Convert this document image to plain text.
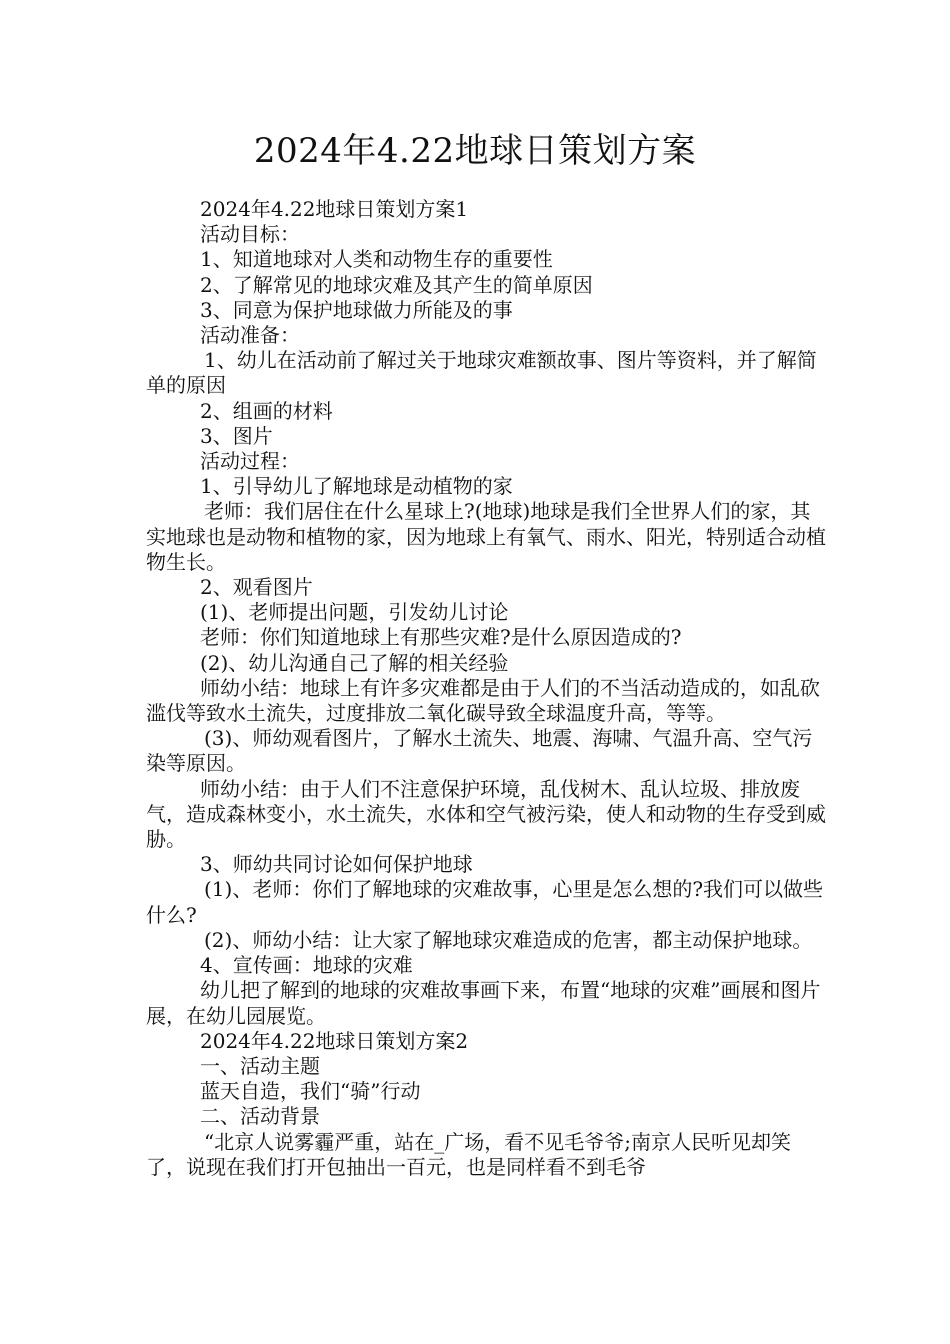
2024年4.22地球日策划方案

2024年4.22地球日策划方案1

活动目标：

1、知道地球对人类和动物生存的重要性

2、了解常见的地球灾难及其产生的简单原因

3、同意为保护地球做力所能及的事

活动准备：

1、幼儿在活动前了解过关于地球灾难额故事、图片等资料，并了解简单的原因

2、组画的材料

3、图片

活动过程：

1、引导幼儿了解地球是动植物的家

老师：我们居住在什么星球上?(地球)地球是我们全世界人们的家，其实地球也是动物和植物的家，因为地球上有氧气、雨水、阳光，特别适合动植物生长。

2、观看图片

(1)、老师提出问题，引发幼儿讨论

老师：你们知道地球上有那些灾难?是什么原因造成的?

(2)、幼儿沟通自己了解的相关经验

师幼小结：地球上有许多灾难都是由于人们的不当活动造成的，如乱砍滥伐等致水土流失，过度排放二氧化碳导致全球温度升高，等等。

(3)、师幼观看图片，了解水土流失、地震、海啸、气温升高、空气污染等原因。

师幼小结：由于人们不注意保护环境，乱伐树木、乱认垃圾、排放废气，造成森林变小，水土流失，水体和空气被污染，使人和动物的生存受到威胁。

3、师幼共同讨论如何保护地球

(1)、老师：你们了解地球的灾难故事，心里是怎么想的?我们可以做些什么?

(2)、师幼小结：让大家了解地球灾难造成的危害，都主动保护地球。

4、宣传画：地球的灾难

幼儿把了解到的地球的灾难故事画下来，布置“地球的灾难”画展和图片展，在幼儿园展览。

2024年4.22地球日策划方案2

一、活动主题

蓝天自造，我们“骑”行动

二、活动背景

“北京人说雾霾严重，站在_广场，看不见毛爷爷;南京人民听见却笑了，说现在我们打开包抽出一百元，也是同样看不到毛爷
